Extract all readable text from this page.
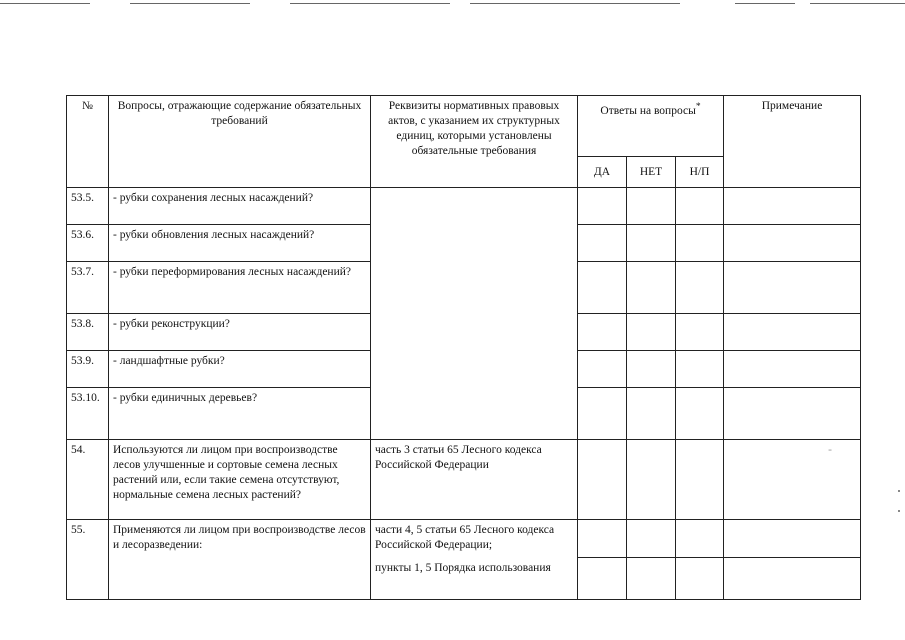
№	Вопросы, отражающие содержание обязательных требований	Реквизиты нормативных правовых актов, с указанием их структурных единиц, которыми установлены обязательные требования	Ответы на вопросы*			Примечание
			ДА	НЕТ	Н/П	
53.5.	- рубки сохранения лесных насаждений?					
53.6.	- рубки обновления лесных насаждений?					
53.7.	- рубки переформирования лесных насаждений?					
53.8.	- рубки реконструкции?					
53.9.	- ландшафтные рубки?					
53.10.	- рубки единичных деревьев?					
54.	Используются ли лицом при воспроизводстве лесов улучшенные и сортовые семена лесных растений или, если такие семена отсутствуют, нормальные семена лесных растений?	часть 3 статьи 65 Лесного кодекса Российской Федерации				-
55.	Применяются ли лицом при воспроизводстве лесов и лесоразведении:	части 4, 5 статьи 65 Лесного кодекса Российской Федерации;				
		пункты 1, 5 Порядка использования				
